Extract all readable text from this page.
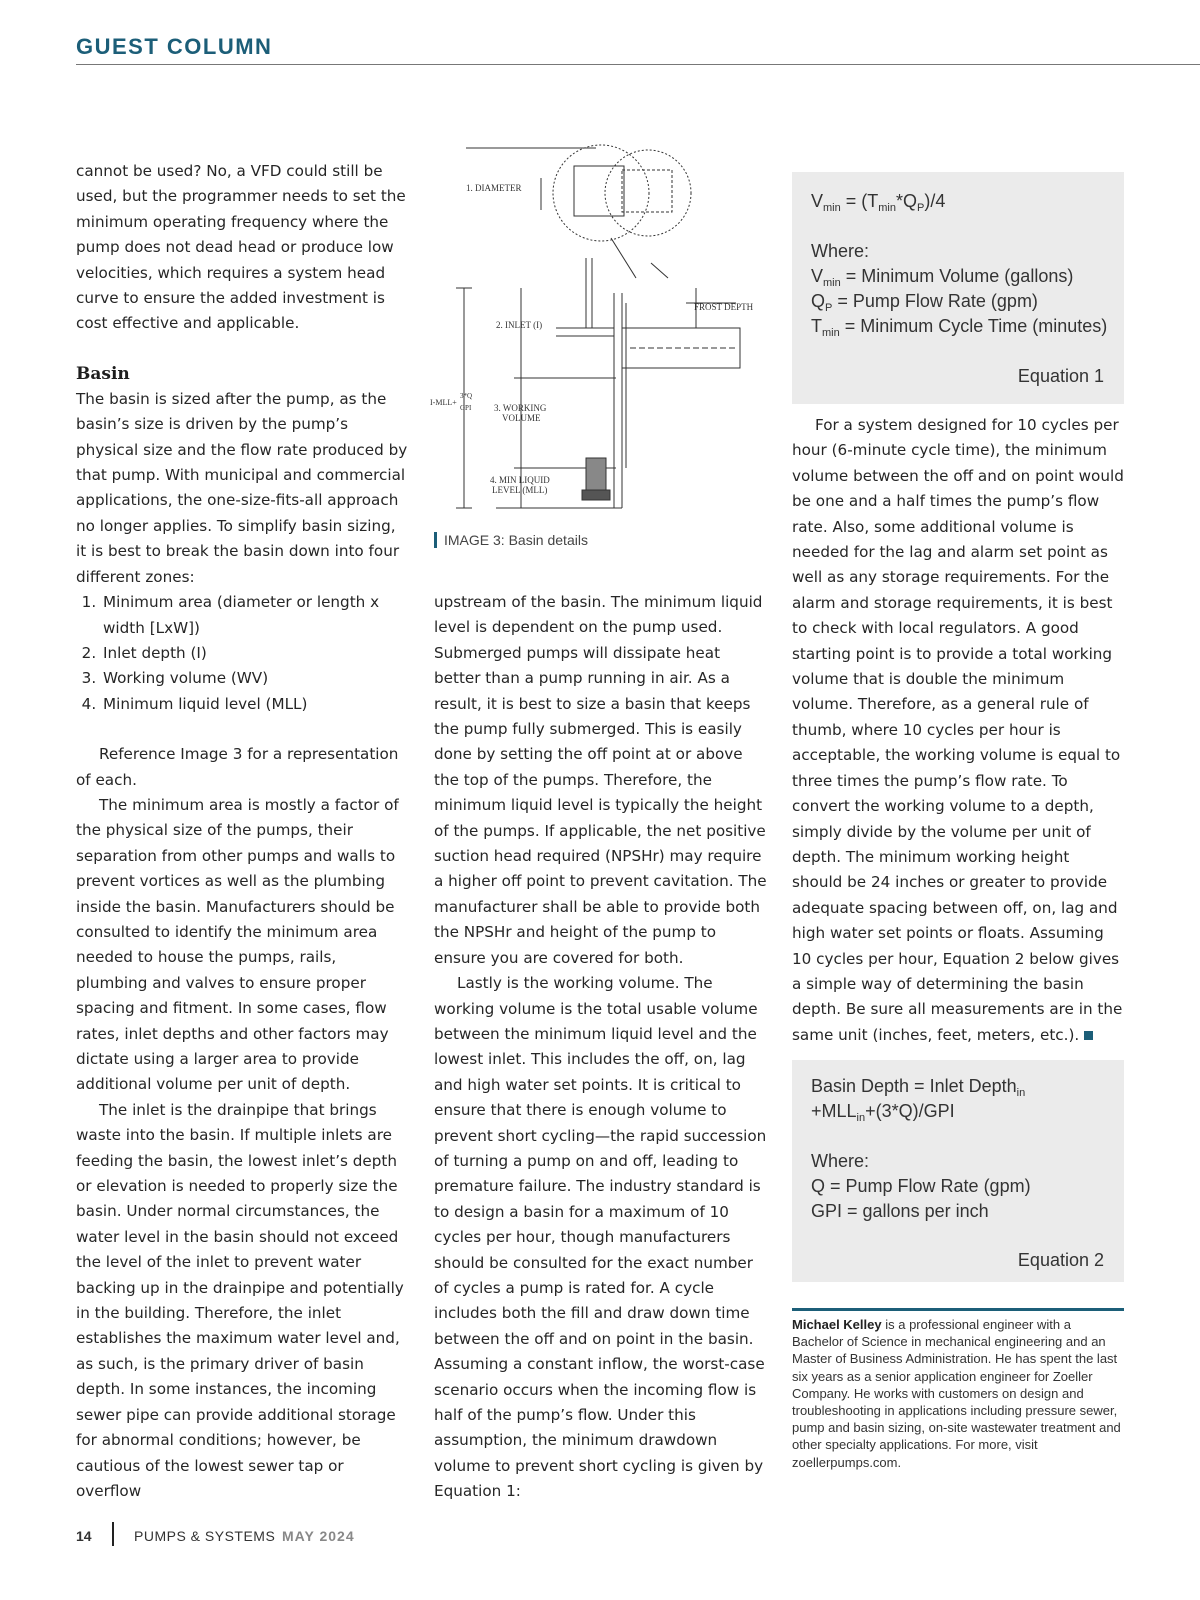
GUEST COLUMN

cannot be used? No, a VFD could still be used, but the programmer needs to set the minimum operating frequency where the pump does not dead head or produce low velocities, which requires a system head curve to ensure the added investment is cost effective and applicable.

Basin

The basin is sized after the pump, as the basin’s size is driven by the pump’s physical size and the flow rate produced by that pump. With municipal and commercial applications, the one-size-fits-all approach no longer applies. To simplify basin sizing, it is best to break the basin down into four different zones:

1. Minimum area (diameter or length x width [LxW])
2. Inlet depth (I)
3. Working volume (WV)
4. Minimum liquid level (MLL)

Reference Image 3 for a representation of each.

The minimum area is mostly a factor of the physical size of the pumps, their separation from other pumps and walls to prevent vortices as well as the plumbing inside the basin. Manufacturers should be consulted to identify the minimum area needed to house the pumps, rails, plumbing and valves to ensure proper spacing and fitment. In some cases, flow rates, inlet depths and other factors may dictate using a larger area to provide additional volume per unit of depth.

The inlet is the drainpipe that brings waste into the basin. If multiple inlets are feeding the basin, the lowest inlet’s depth or elevation is needed to properly size the basin. Under normal circumstances, the water level in the basin should not exceed the level of the inlet to prevent water backing up in the drainpipe and potentially in the building. Therefore, the inlet establishes the maximum water level and, as such, is the primary driver of basin depth. In some instances, the incoming sewer pipe can provide additional storage for abnormal conditions; however, be cautious of the lowest sewer tap or overflow

1. DIAMETER
FROST DEPTH
2. INLET (I)
3. WORKING
VOLUME
4. MIN LIQUID
LEVEL (MLL)
I-MLL+
3*Q
GPI
IMAGE 3: Basin details

upstream of the basin. The minimum liquid level is dependent on the pump used. Submerged pumps will dissipate heat better than a pump running in air. As a result, it is best to size a basin that keeps the pump fully submerged. This is easily done by setting the off point at or above the top of the pumps. Therefore, the minimum liquid level is typically the height of the pumps. If applicable, the net positive suction head required (NPSHr) may require a higher off point to prevent cavitation. The manufacturer shall be able to provide both the NPSHr and height of the pump to ensure you are covered for both.

Lastly is the working volume. The working volume is the total usable volume between the minimum liquid level and the lowest inlet. This includes the off, on, lag and high water set points. It is critical to ensure that there is enough volume to prevent short cycling—the rapid succession of turning a pump on and off, leading to premature failure. The industry standard is to design a basin for a maximum of 10 cycles per hour, though manufacturers should be consulted for the exact number of cycles a pump is rated for. A cycle includes both the fill and draw down time between the off and on point in the basin. Assuming a constant inflow, the worst-case scenario occurs when the incoming flow is half of the pump’s flow. Under this assumption, the minimum drawdown volume to prevent short cycling is given by Equation 1:

$V_{min} = (T_{min}*Q_P)/4$
Where:
$V_{min}$ = Minimum Volume (gallons)
$Q_P$ = Pump Flow Rate (gpm)
$T_{min}$ = Minimum Cycle Time (minutes)
Equation 1

For a system designed for 10 cycles per hour (6-minute cycle time), the minimum volume between the off and on point would be one and a half times the pump’s flow rate. Also, some additional volume is needed for the lag and alarm set point as well as any storage requirements. For the alarm and storage requirements, it is best to check with local regulators. A good starting point is to provide a total working volume that is double the minimum volume. Therefore, as a general rule of thumb, where 10 cycles per hour is acceptable, the working volume is equal to three times the pump’s flow rate. To convert the working volume to a depth, simply divide by the volume per unit of depth. The minimum working height should be 24 inches or greater to provide adequate spacing between off, on, lag and high water set points or floats. Assuming 10 cycles per hour, Equation 2 below gives a simple way of determining the basin depth. Be sure all measurements are in the same unit (inches, feet, meters, etc.).

Basin Depth = Inlet Depth$_{in}$
$+MLL_{in}+(3*Q)$/GPI
Where:
Q = Pump Flow Rate (gpm)
GPI = gallons per inch
Equation 2
Michael Kelley is a professional engineer with a Bachelor of Science in mechanical engineering and an Master of Business Administration. He has spent the last six years as a senior application engineer for Zoeller Company. He works with customers on design and troubleshooting in applications including pressure sewer, pump and basin sizing, on-site wastewater treatment and other specialty applications. For more, visit zoellerpumps.com.
14	PUMPS & SYSTEMS MAY 2024
